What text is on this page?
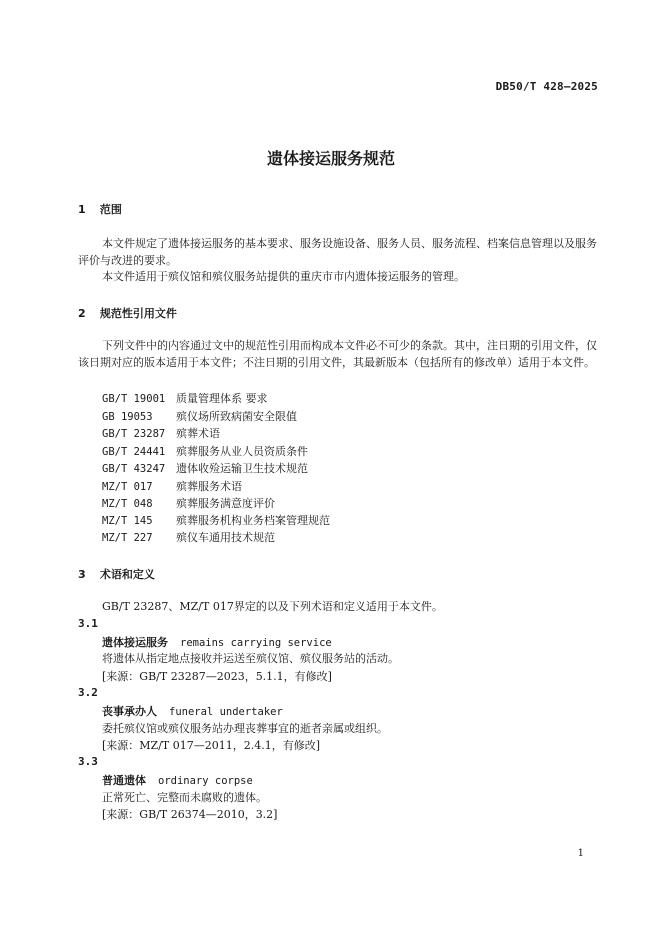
DB50/T 428—2025
遗体接运服务规范
1 范围
本文件规定了遗体接运服务的基本要求、服务设施设备、服务人员、服务流程、档案信息管理以及服务评价与改进的要求。
本文件适用于殡仪馆和殡仪服务站提供的重庆市市内遗体接运服务的管理。
2 规范性引用文件
下列文件中的内容通过文中的规范性引用而构成本文件必不可少的条款。其中，注日期的引用文件，仅该日期对应的版本适用于本文件；不注日期的引用文件，其最新版本（包括所有的修改单）适用于本文件。
GB/T 19001 质量管理体系 要求
GB 19053 殡仪场所致病菌安全限值
GB/T 23287 殡葬术语
GB/T 24441 殡葬服务从业人员资质条件
GB/T 43247 遗体收殓运输卫生技术规范
MZ/T 017 殡葬服务术语
MZ/T 048 殡葬服务满意度评价
MZ/T 145 殡葬服务机构业务档案管理规范
MZ/T 227 殡仪车通用技术规范
3 术语和定义
GB/T 23287、MZ/T 017界定的以及下列术语和定义适用于本文件。
3.1
遗体接运服务 remains carrying service
将遗体从指定地点接收并运送至殡仪馆、殡仪服务站的活动。
[来源：GB/T 23287—2023，5.1.1，有修改]
3.2
丧事承办人 funeral undertaker
委托殡仪馆或殡仪服务站办理丧葬事宜的逝者亲属或组织。
[来源：MZ/T 017—2011，2.4.1，有修改]
3.3
普通遗体 ordinary corpse
正常死亡、完整而未腐败的遗体。
[来源：GB/T 26374—2010，3.2]
1
